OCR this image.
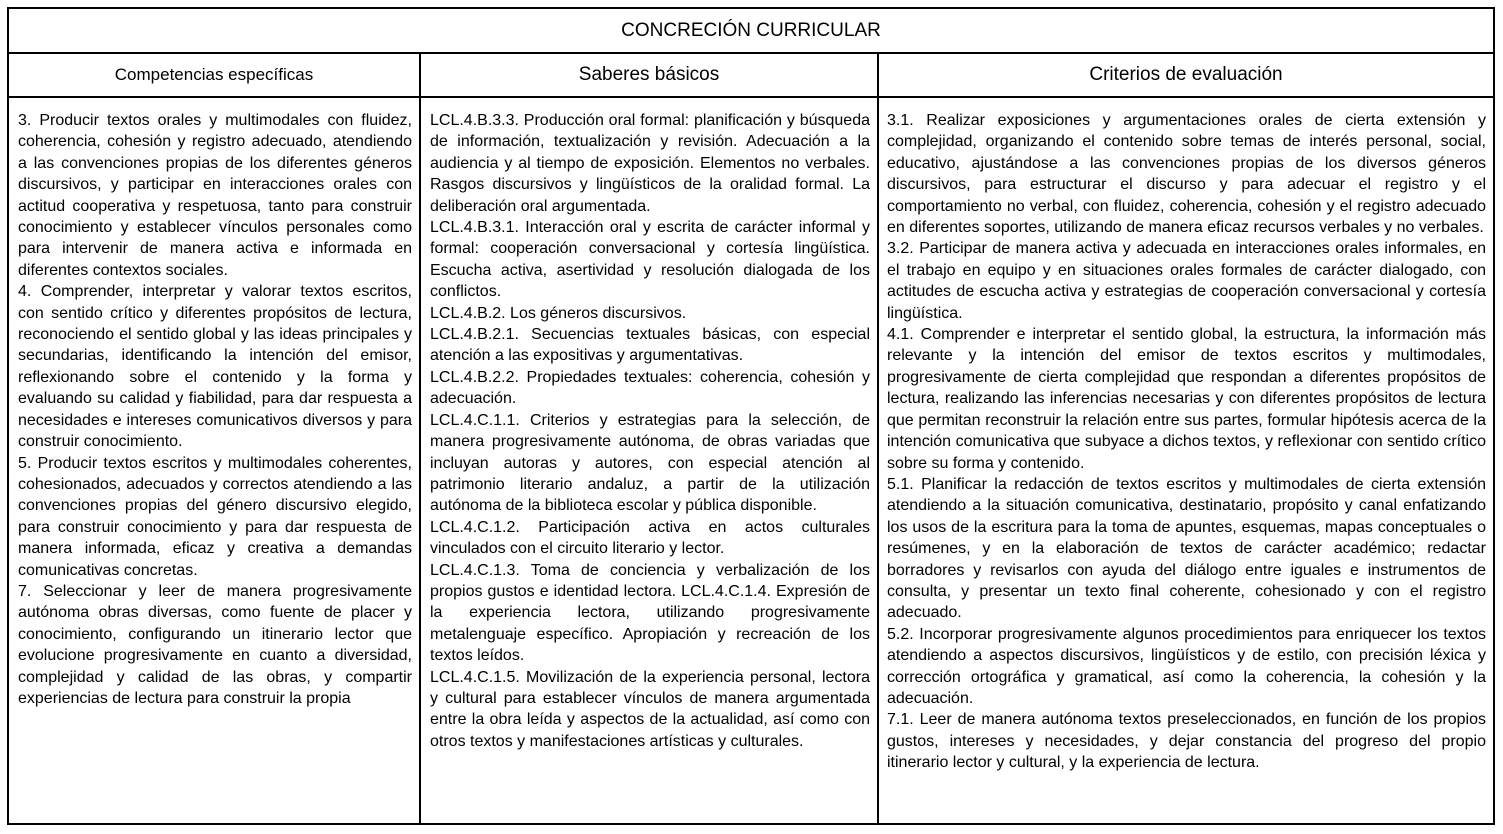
CONCRECIÓN CURRICULAR
Competencias específicas	Saberes básicos	Criterios de evaluación

3. Producir textos orales y multimodales con fluidez, coherencia, cohesión y registro adecuado, atendiendo a las convenciones propias de los diferentes géneros discursivos, y participar en interacciones orales con actitud cooperativa y respetuosa, tanto para construir conocimiento y establecer vínculos personales como para intervenir de manera activa e informada en diferentes contextos sociales.

4. Comprender, interpretar y valorar textos escritos, con sentido crítico y diferentes propósitos de lectura, reconociendo el sentido global y las ideas principales y secundarias, identificando la intención del emisor, reflexionando sobre el contenido y la forma y evaluando su calidad y fiabilidad, para dar respuesta a necesidades e intereses comunicativos diversos y para construir conocimiento.

5. Producir textos escritos y multimodales coherentes, cohesionados, adecuados y correctos atendiendo a las convenciones propias del género discursivo elegido, para construir conocimiento y para dar respuesta de manera informada, eficaz y creativa a demandas comunicativas concretas.

7. Seleccionar y leer de manera progresivamente autónoma obras diversas, como fuente de placer y conocimiento, configurando un itinerario lector que evolucione progresivamente en cuanto a diversidad, complejidad y calidad de las obras, y compartir experiencias de lectura para construir la propia

LCL.4.B.3.3. Producción oral formal: planificación y búsqueda de información, textualización y revisión. Adecuación a la audiencia y al tiempo de exposición. Elementos no verbales. Rasgos discursivos y lingüísticos de la oralidad formal. La deliberación oral argumentada.

LCL.4.B.3.1. Interacción oral y escrita de carácter informal y formal: cooperación conversacional y cortesía lingüística. Escucha activa, asertividad y resolución dialogada de los conflictos.

LCL.4.B.2. Los géneros discursivos.

LCL.4.B.2.1. Secuencias textuales básicas, con especial atención a las expositivas y argumentativas.

LCL.4.B.2.2. Propiedades textuales: coherencia, cohesión y adecuación.

LCL.4.C.1.1. Criterios y estrategias para la selección, de manera progresivamente autónoma, de obras variadas que incluyan autoras y autores, con especial atención al patrimonio literario andaluz, a partir de la utilización autónoma de la biblioteca escolar y pública disponible.

LCL.4.C.1.2. Participación activa en actos culturales vinculados con el circuito literario y lector.

LCL.4.C.1.3. Toma de conciencia y verbalización de los propios gustos e identidad lectora. LCL.4.C.1.4. Expresión de la experiencia lectora, utilizando progresivamente metalenguaje específico. Apropiación y recreación de los textos leídos.

LCL.4.C.1.5. Movilización de la experiencia personal, lectora y cultural para establecer vínculos de manera argumentada entre la obra leída y aspectos de la actualidad, así como con otros textos y manifestaciones artísticas y culturales.

3.1. Realizar exposiciones y argumentaciones orales de cierta extensión y complejidad, organizando el contenido sobre temas de interés personal, social, educativo, ajustándose a las convenciones propias de los diversos géneros discursivos, para estructurar el discurso y para adecuar el registro y el comportamiento no verbal, con fluidez, coherencia, cohesión y el registro adecuado en diferentes soportes, utilizando de manera eficaz recursos verbales y no verbales.

3.2. Participar de manera activa y adecuada en interacciones orales informales, en el trabajo en equipo y en situaciones orales formales de carácter dialogado, con actitudes de escucha activa y estrategias de cooperación conversacional y cortesía lingüística.

4.1. Comprender e interpretar el sentido global, la estructura, la información más relevante y la intención del emisor de textos escritos y multimodales, progresivamente de cierta complejidad que respondan a diferentes propósitos de lectura, realizando las inferencias necesarias y con diferentes propósitos de lectura que permitan reconstruir la relación entre sus partes, formular hipótesis acerca de la intención comunicativa que subyace a dichos textos, y reflexionar con sentido crítico sobre su forma y contenido.

5.1. Planificar la redacción de textos escritos y multimodales de cierta extensión atendiendo a la situación comunicativa, destinatario, propósito y canal enfatizando los usos de la escritura para la toma de apuntes, esquemas, mapas conceptuales o resúmenes, y en la elaboración de textos de carácter académico; redactar borradores y revisarlos con ayuda del diálogo entre iguales e instrumentos de consulta, y presentar un texto final coherente, cohesionado y con el registro adecuado.

5.2. Incorporar progresivamente algunos procedimientos para enriquecer los textos atendiendo a aspectos discursivos, lingüísticos y de estilo, con precisión léxica y corrección ortográfica y gramatical, así como la coherencia, la cohesión y la adecuación.

7.1. Leer de manera autónoma textos preseleccionados, en función de los propios gustos, intereses y necesidades, y dejar constancia del progreso del propio itinerario lector y cultural, y la experiencia de lectura.
